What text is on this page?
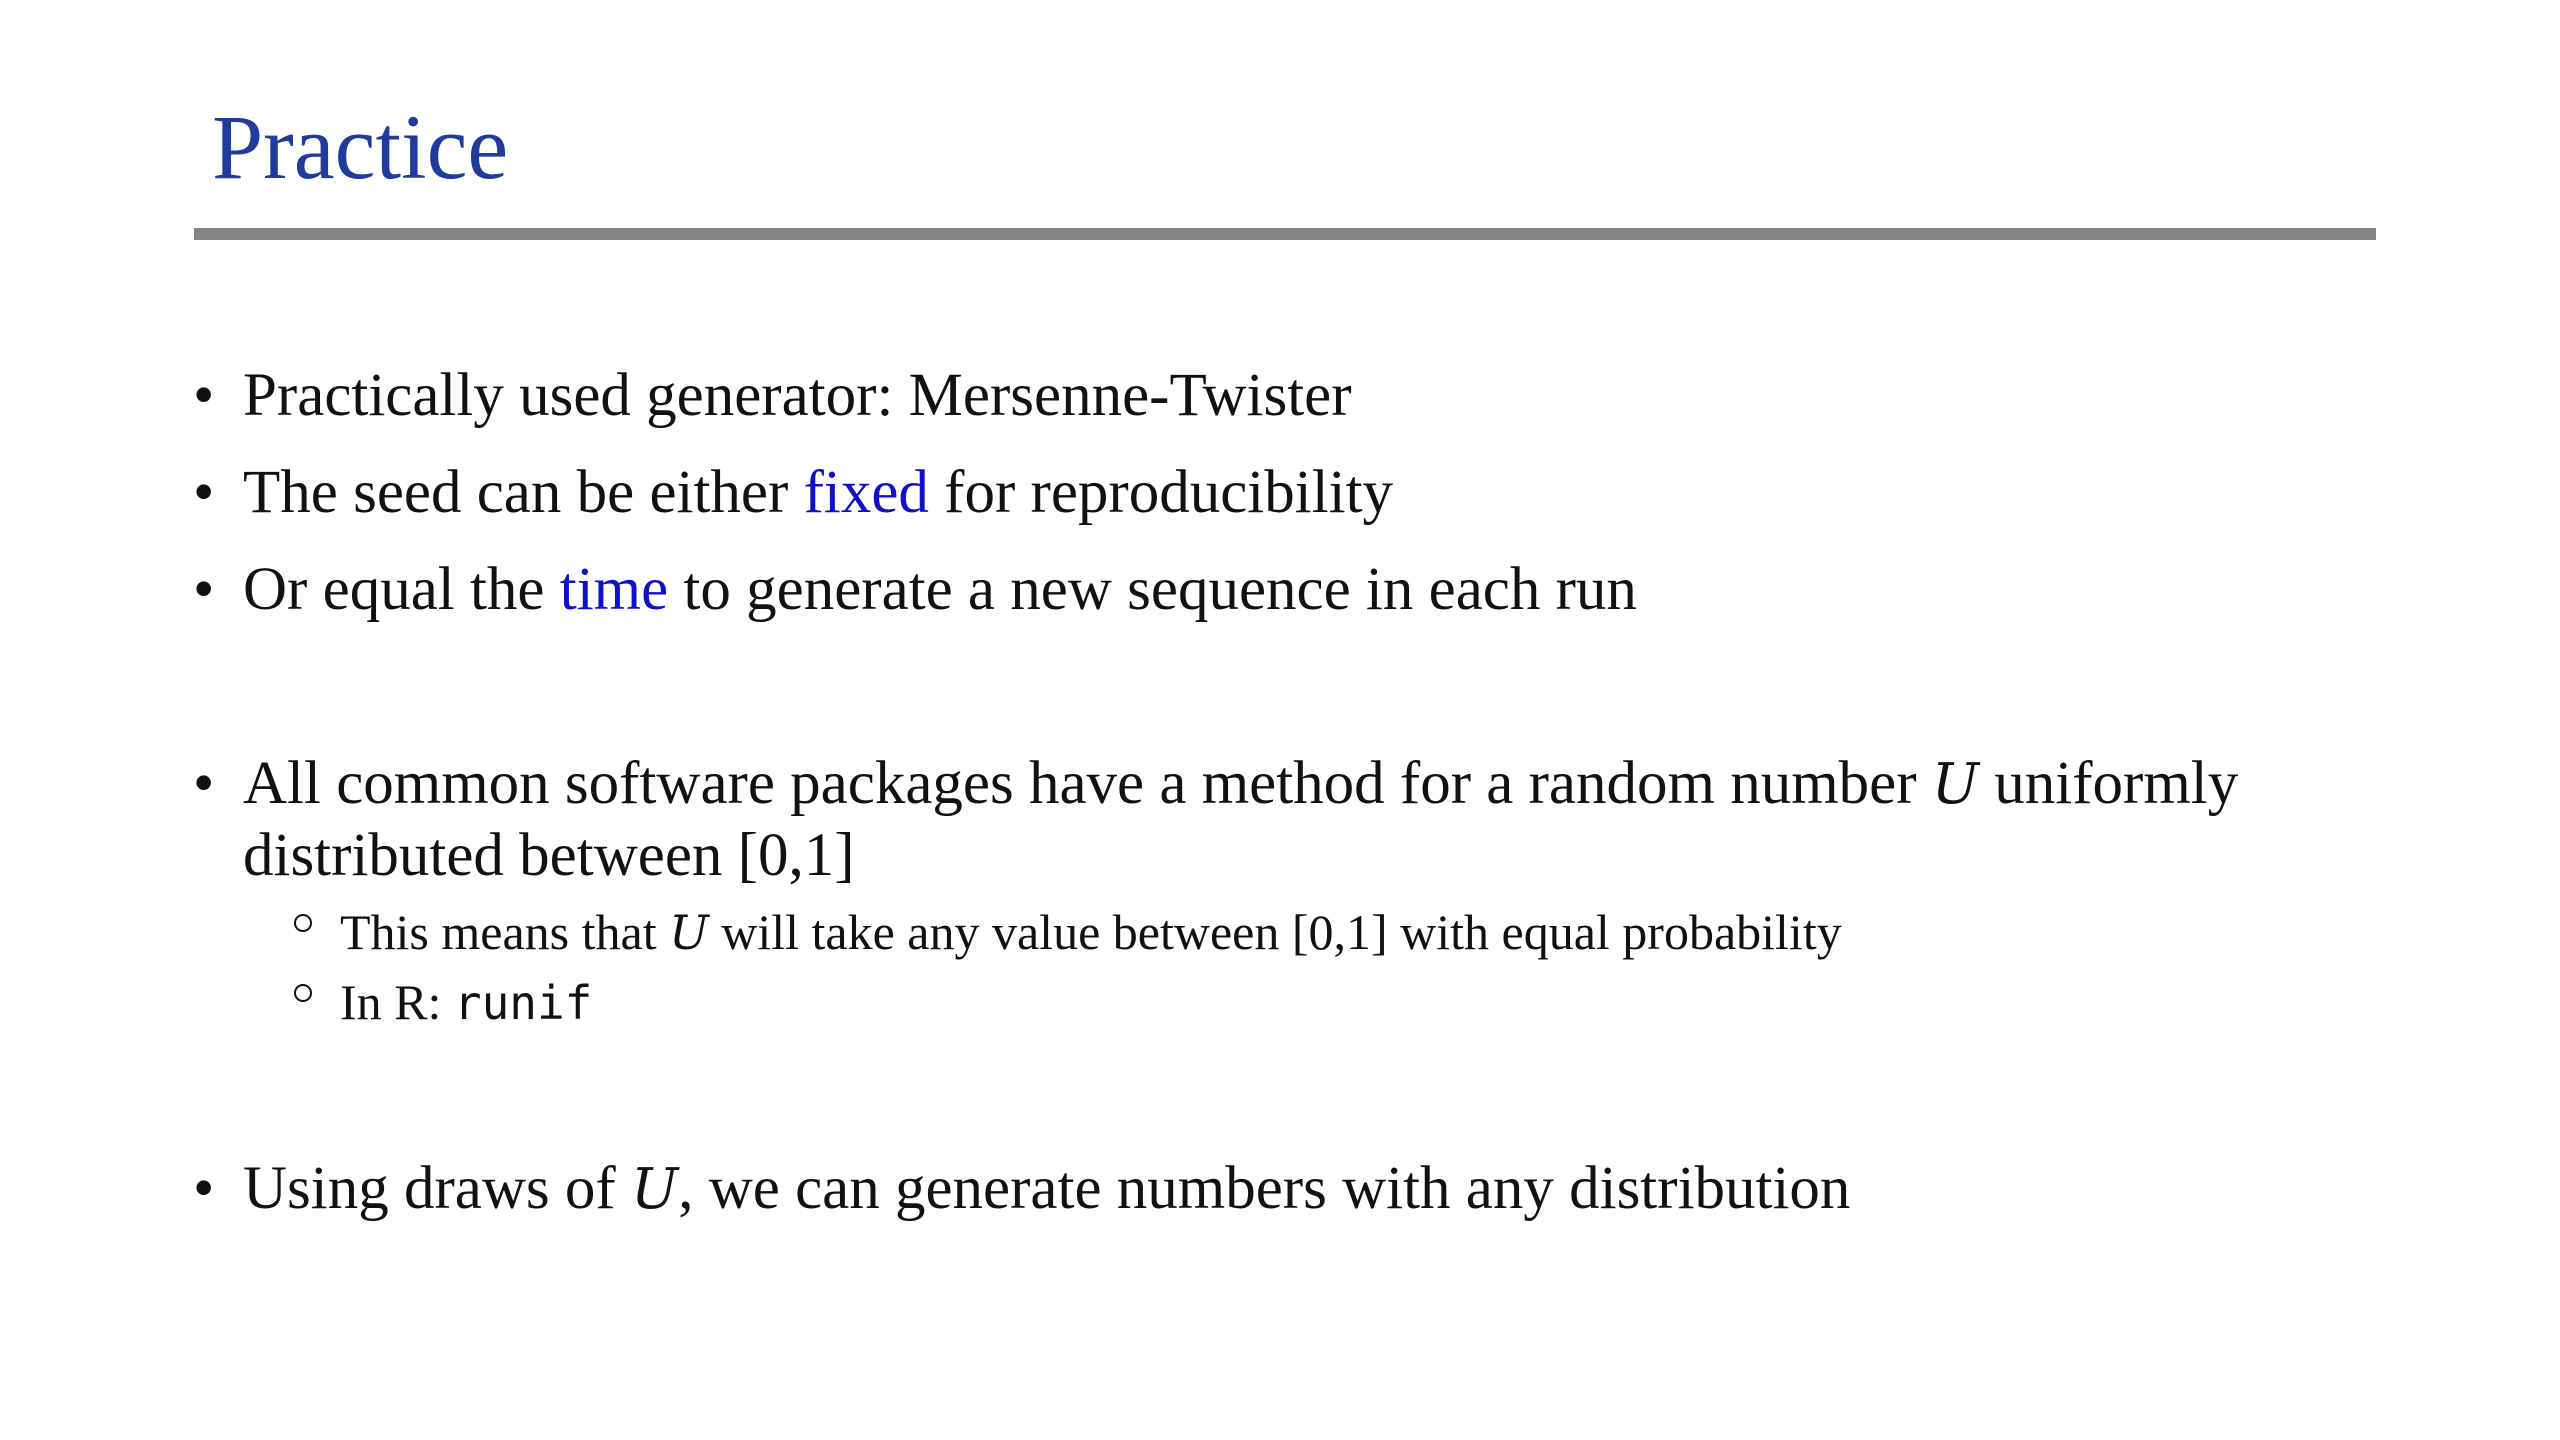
Practice
• Practically used generator: Mersenne-Twister
• The seed can be either fixed for reproducibility
• Or equal the time to generate a new sequence in each run
• All common software packages have a method for a random number U uniformly distributed between [0,1]
This means that U will take any value between [0,1] with equal probability
In R: runif
• Using draws of U, we can generate numbers with any distribution
